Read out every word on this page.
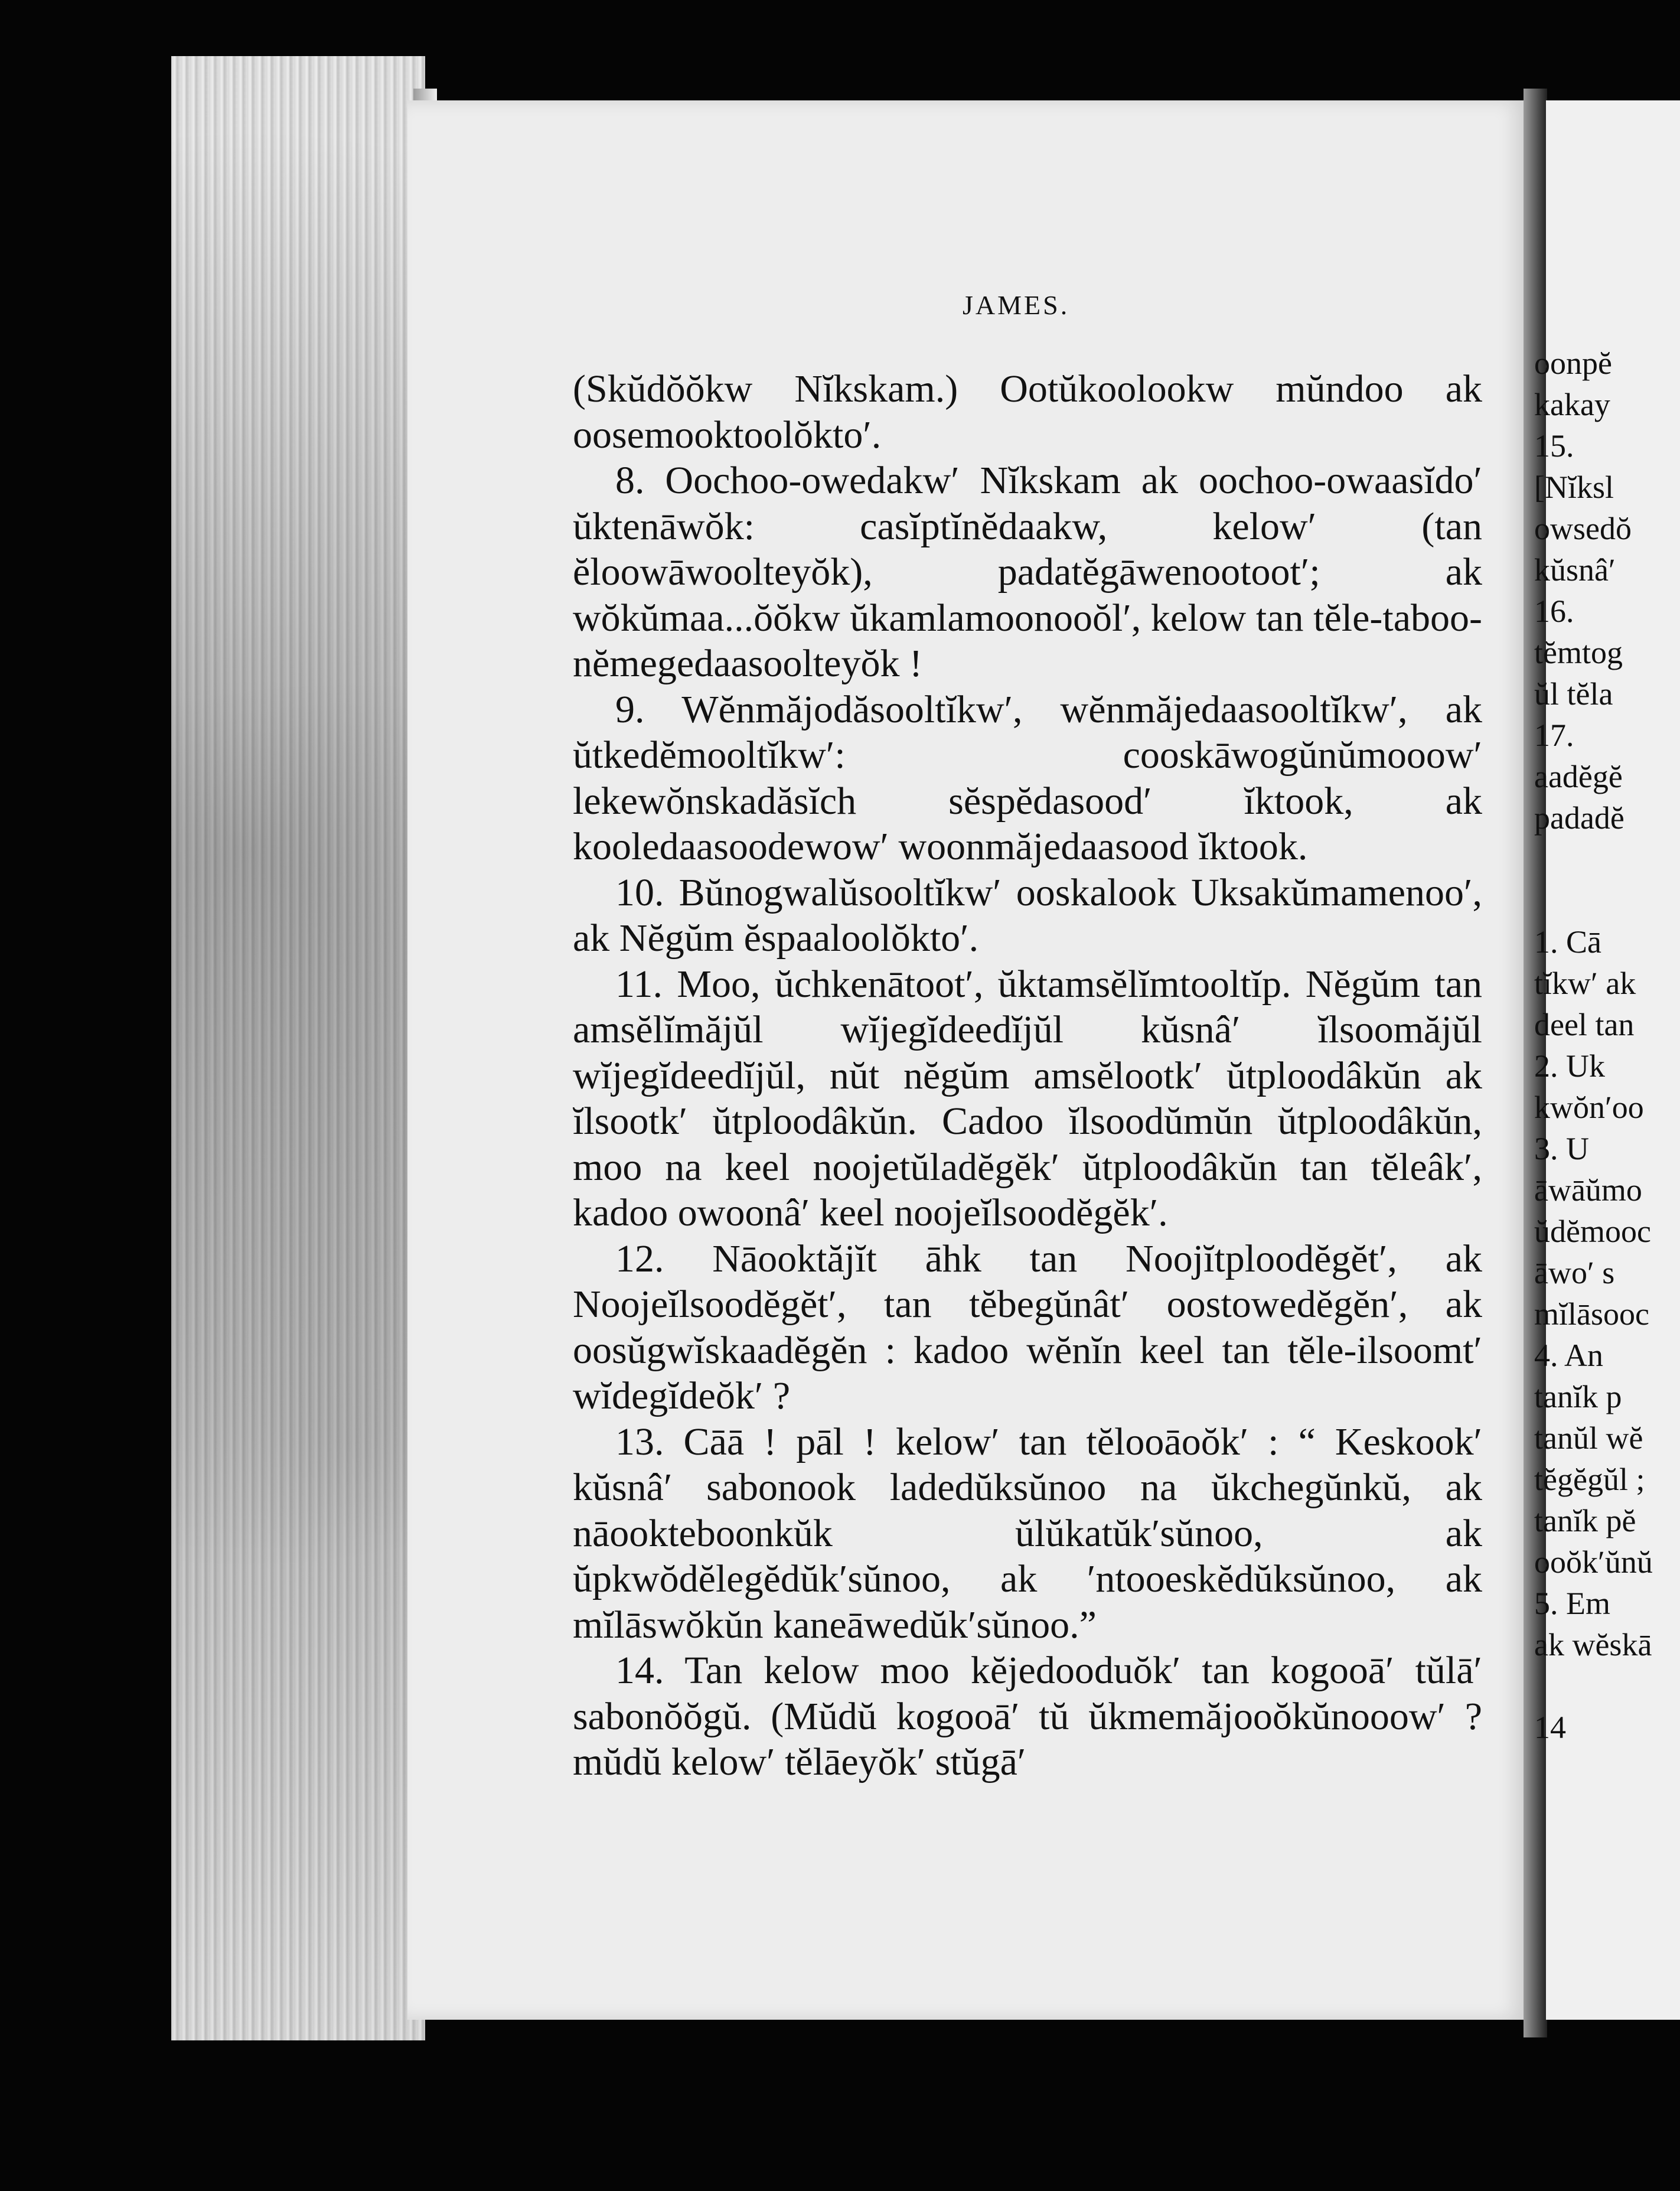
JAMES.

(Skŭdŏŏkw Nĭkskam.) Ootŭkoolookw mŭndoo ak oosemooktoolŏkto′.

8. Oochoo-owedakw′ Nĭkskam ak oochoo-owaasĭdo′ ŭktenāwŏk: casĭptĭnĕdaakw, kelow′ (tan ĕloowāwoolteyŏk), padatĕgāwenootoot′; ak wŏkŭmaa...ŏŏkw ŭkamlamoonooŏl′, kelow tan tĕle-taboo-nĕmegedaasoolteyŏk !

9. Wĕnmăjodăsooltĭkw′, wĕnmăjedaasooltĭkw′, ak ŭtkedĕmooltĭkw′: cooskāwogŭnŭmooow′ lekewŏnskadăsĭch sĕspĕdasood′ ĭktook, ak kooledaasoodewow′ woonmăjedaasood ĭktook.

10. Bŭnogwalŭsooltĭkw′ ooskalook Uksakŭmamenoo′, ak Nĕgŭm ĕspaaloolŏkto′.

11. Moo, ŭchkenātoot′, ŭktamsĕlĭmtooltĭp. Nĕgŭm tan amsĕlĭmăjŭl wĭjegĭdeedĭjŭl kŭsnâ′ ĭlsoomăjŭl wĭjegĭdeedĭjŭl, nŭt nĕgŭm amsĕlootk′ ŭtploodâkŭn ak ĭlsootk′ ŭtploodâkŭn. Cadoo ĭlsoodŭmŭn ŭtploodâkŭn, moo na keel noojetŭladĕgĕk′ ŭtploodâkŭn tan tĕleâk′, kadoo owoonâ′ keel noojeĭlsoodĕgĕk′.

12. Nāooktăjĭt āhk tan Noojĭtploodĕgĕt′, ak Noojeĭlsoodĕgĕt′, tan tĕbegŭnât′ oostowedĕgĕn′, ak oosŭgwĭskaadĕgĕn : kadoo wĕnĭn keel tan tĕle-ilsoomt′ wĭdegĭdeŏk′ ?

13. Cāā ! pāl ! kelow′ tan tĕlooāoŏk′ : “ Keskook′ kŭsnâ′ sabonook ladedŭksŭnoo na ŭkchegŭnkŭ, ak nāookteboonkŭk ŭlŭkatŭk′sŭnoo, ak ŭpkwŏdĕlegĕdŭk′sŭnoo, ak ′ntooeskĕdŭksŭnoo, ak mĭlāswŏkŭn kaneāwedŭk′sŭnoo.”

14. Tan kelow moo kĕjedooduŏk′ tan kogooā′ tŭlā′ sabonŏŏgŭ. (Mŭdŭ kogooā′ tŭ ŭkmemăjooŏkŭnooow′ ? mŭdŭ kelow′ tĕlāeyŏk′ stŭgā′

oonpĕ
kakay
15.
[Nĭksl
owsedŏ
kŭsnâ′
16.
tĕmtog
ŭl tĕla
17.
aadĕgĕ
padadĕ
1. Cā
tĭkw′ ak
deel tan
2. Uk
kwŏn′oo
3. U
āwāŭmo
ŭdĕmooc
āwo′ s
mĭlāsooc
4. An
tanĭk p
tanŭl wĕ
tĕgĕgŭl ;
tanĭk pĕ
ooŏk′ŭnŭ
5. Em
ak wĕskā
14
